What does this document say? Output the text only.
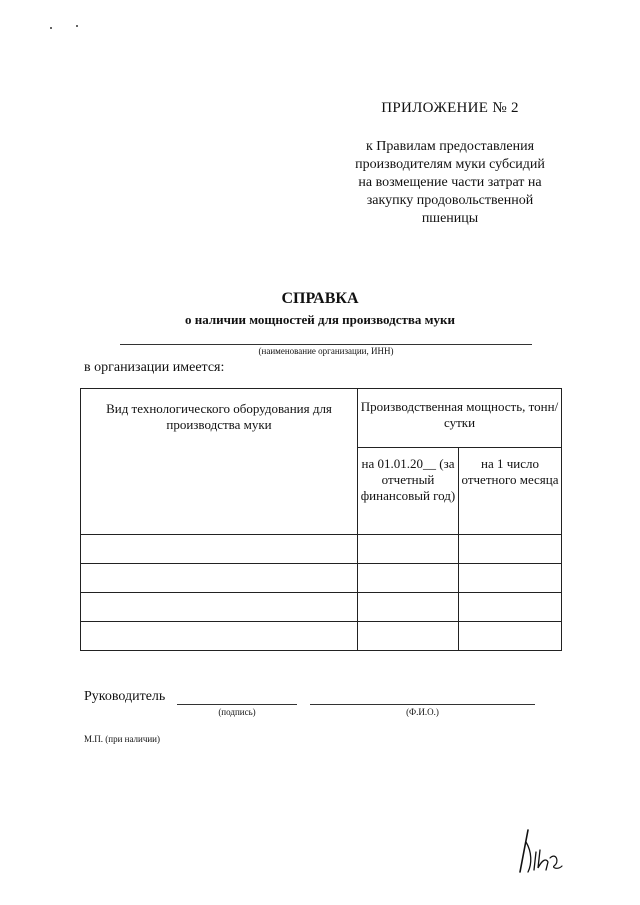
ПРИЛОЖЕНИЕ № 2
к Правилам предоставления
производителям муки субсидий
на возмещение части затрат на
закупку продовольственной
пшеницы
СПРАВКА
о наличии мощностей для производства муки
(наименование организации, ИНН)
в организации имеется:
Вид технологического оборудования для производства муки	Производственная мощность, тонн/сутки	
	на 01.01.20__ (за отчетный финансовый год)	на 1 число отчетного месяца

Руководитель
(подпись)	(Ф.И.О.)
М.П. (при наличии)
